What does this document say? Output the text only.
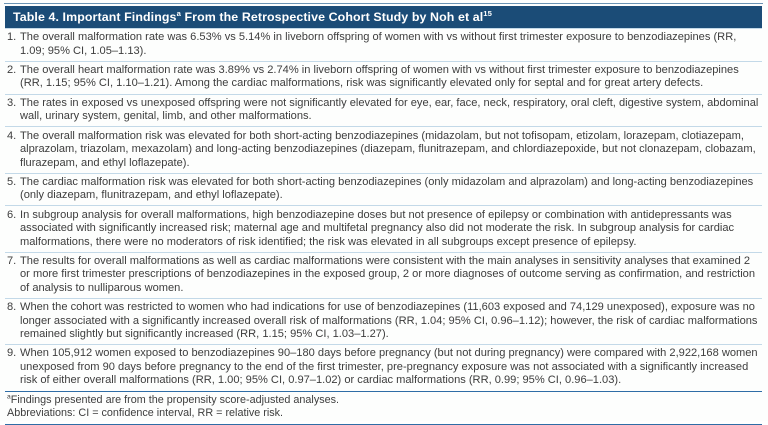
Table 4. Important Findings$^a$ From the Retrospective Cohort Study by Noh et $al^{15}$
1. The overall malformation rate was 6.53% vs 5.14% in liveborn offspring of women with vs without first trimester exposure to benzodiazepines (RR, 1.09; 95% CI, 1.05–1.13).
2. The overall heart malformation rate was 3.89% vs 2.74% in liveborn offspring of women with vs without first trimester exposure to benzodiazepines (RR, 1.15; 95% CI, 1.10–1.21). Among the cardiac malformations, risk was significantly elevated only for septal and for great artery defects.
3. The rates in exposed vs unexposed offspring were not significantly elevated for eye, ear, face, neck, respiratory, oral cleft, digestive system, abdominal wall, urinary system, genital, limb, and other malformations.
4. The overall malformation risk was elevated for both short-acting benzodiazepines (midazolam, but not tofisopam, etizolam, lorazepam, clotiazepam, alprazolam, triazolam, mexazolam) and long-acting benzodiazepines (diazepam, flunitrazepam, and chlordiazepoxide, but not clonazepam, clobazam, flurazepam, and ethyl loflazepate).
5. The cardiac malformation risk was elevated for both short-acting benzodiazepines (only midazolam and alprazolam) and long-acting benzodiazepines (only diazepam, flunitrazepam, and ethyl loflazepate).
6. In subgroup analysis for overall malformations, high benzodiazepine doses but not presence of epilepsy or combination with antidepressants was associated with significantly increased risk; maternal age and multifetal pregnancy also did not moderate the risk. In subgroup analysis for cardiac malformations, there were no moderators of risk identified; the risk was elevated in all subgroups except presence of epilepsy.
7. The results for overall malformations as well as cardiac malformations were consistent with the main analyses in sensitivity analyses that examined 2 or more first trimester prescriptions of benzodiazepines in the exposed group, 2 or more diagnoses of outcome serving as confirmation, and restriction of analysis to nulliparous women.
8. When the cohort was restricted to women who had indications for use of benzodiazepines (11,603 exposed and 74,129 unexposed), exposure was no longer associated with a significantly increased overall risk of malformations (RR, 1.04; 95% CI, 0.96–1.12); however, the risk of cardiac malformations remained slightly but significantly increased (RR, 1.15; 95% CI, 1.03–1.27).
9. When 105,912 women exposed to benzodiazepines 90–180 days before pregnancy (but not during pregnancy) were compared with 2,922,168 women unexposed from 90 days before pregnancy to the end of the first trimester, pre-pregnancy exposure was not associated with a significantly increased risk of either overall malformations (RR, 1.00; 95% CI, 0.97–1.02) or cardiac malformations (RR, 0.99; 95% CI, 0.96–1.03).
$^a$Findings presented are from the propensity score-adjusted analyses.
Abbreviations: CI = confidence interval, RR = relative risk.
